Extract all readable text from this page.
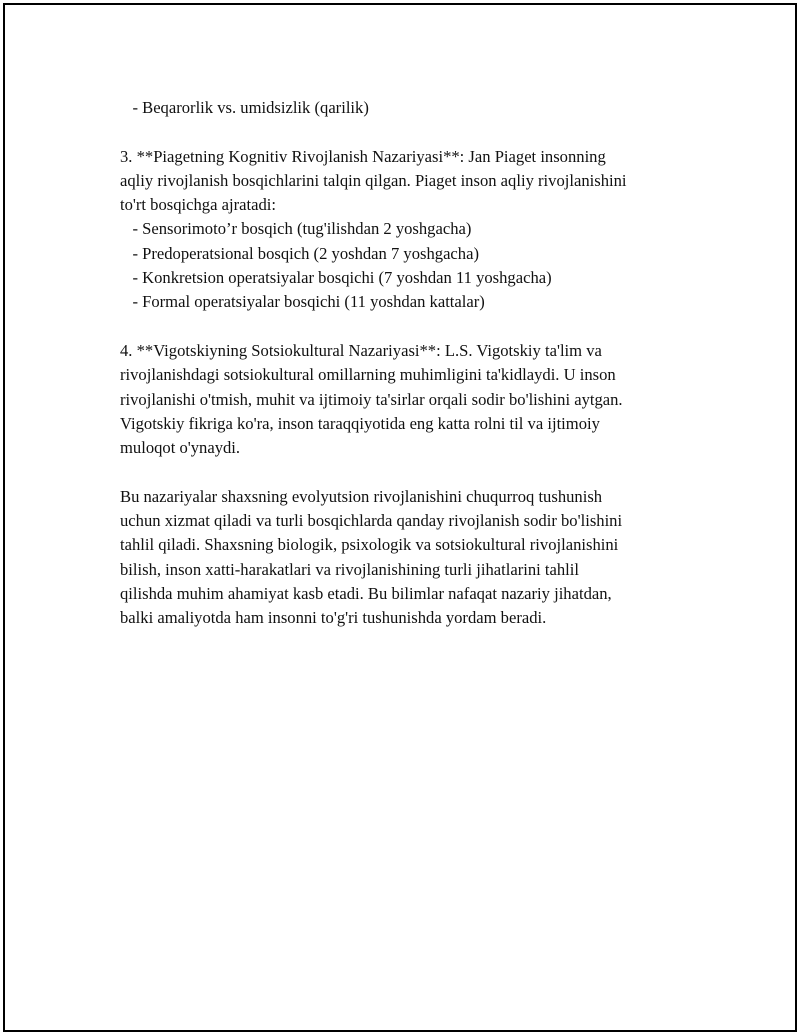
- Beqarorlik vs. umidsizlik (qarilik)
3. **Piagetning Kognitiv Rivojlanish Nazariyasi**: Jan Piaget insonning
aqliy rivojlanish bosqichlarini talqin qilgan. Piaget inson aqliy rivojlanishini
to'rt bosqichga ajratadi:
- Sensorimoto’r bosqich (tug'ilishdan 2 yoshgacha)
- Predoperatsional bosqich (2 yoshdan 7 yoshgacha)
- Konkretsion operatsiyalar bosqichi (7 yoshdan 11 yoshgacha)
- Formal operatsiyalar bosqichi (11 yoshdan kattalar)
4. **Vigotskiyning Sotsiokultural Nazariyasi**: L.S. Vigotskiy ta'lim va
rivojlanishdagi sotsiokultural omillarning muhimligini ta'kidlaydi. U inson
rivojlanishi o'tmish, muhit va ijtimoiy ta'sirlar orqali sodir bo'lishini aytgan.
Vigotskiy fikriga ko'ra, inson taraqqiyotida eng katta rolni til va ijtimoiy
muloqot o'ynaydi.
Bu nazariyalar shaxsning evolyutsion rivojlanishini chuqurroq tushunish
uchun xizmat qiladi va turli bosqichlarda qanday rivojlanish sodir bo'lishini
tahlil qiladi. Shaxsning biologik, psixologik va sotsiokultural rivojlanishini
bilish, inson xatti-harakatlari va rivojlanishining turli jihatlarini tahlil
qilishda muhim ahamiyat kasb etadi. Bu bilimlar nafaqat nazariy jihatdan,
balki amaliyotda ham insonni to'g'ri tushunishda yordam beradi.
